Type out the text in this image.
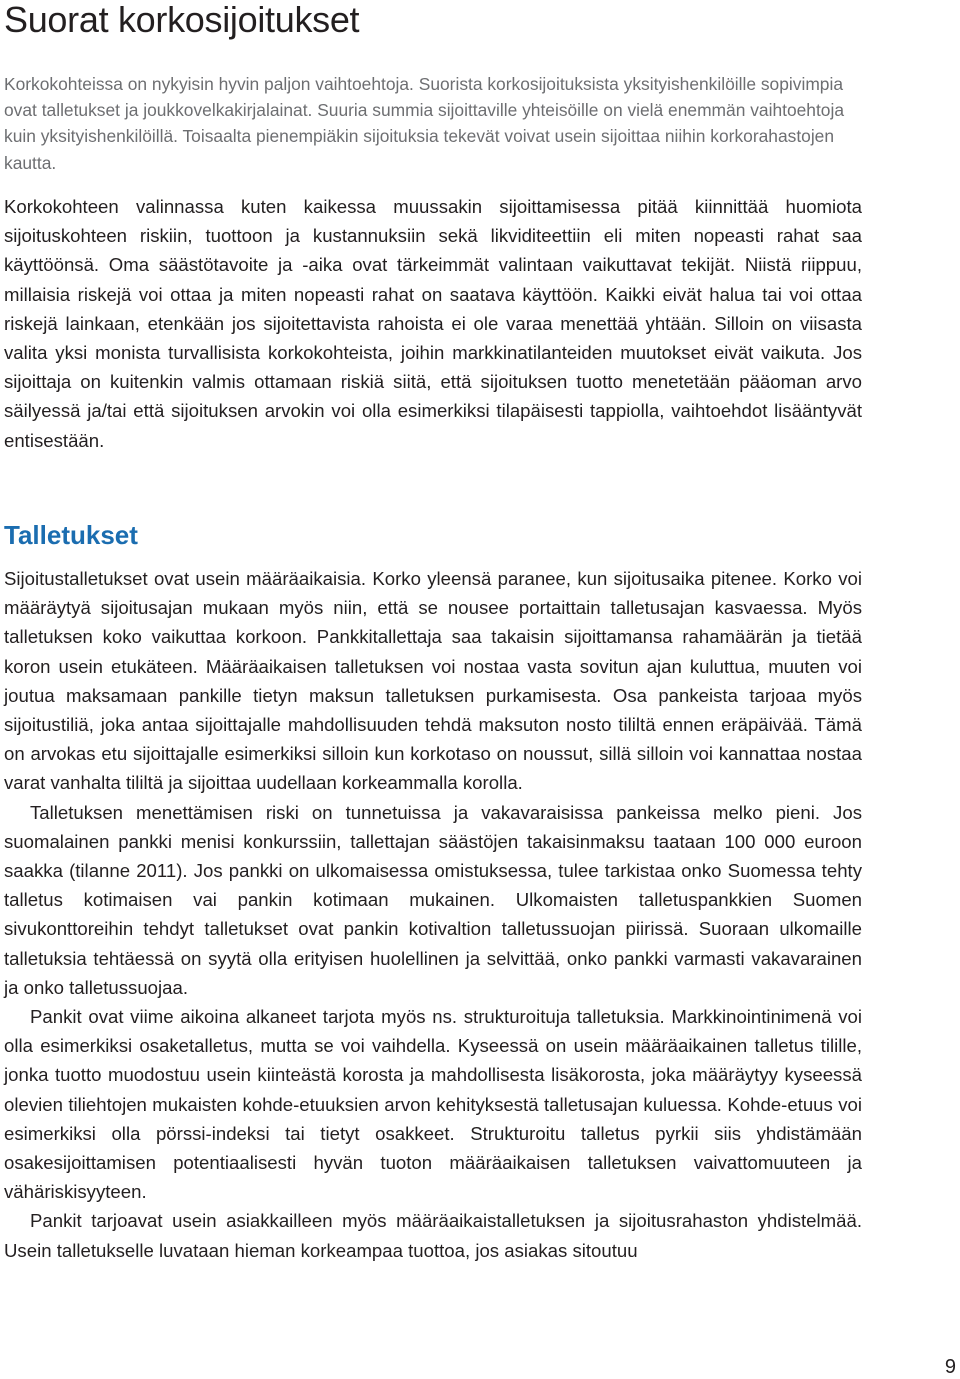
Suorat korkosijoitukset

Korkokohteissa on nykyisin hyvin paljon vaihtoehtoja. Suorista korkosijoituksista yksityishenkilöille sopivimpia ovat talletukset ja joukkovelkakirjalainat. Suuria summia sijoittaville yhteisöille on vielä enemmän vaihtoehtoja kuin yksityishenkilöillä. Toisaalta pienempiäkin sijoituksia tekevät voivat usein sijoittaa niihin korkorahastojen kautta.

Korkokohteen valinnassa kuten kaikessa muussakin sijoittamisessa pitää kiinnittää huomiota sijoituskohteen riskiin, tuottoon ja kustannuksiin sekä likviditeettiin eli miten nopeasti rahat saa käyttöönsä. Oma säästötavoite ja -aika ovat tärkeimmät valintaan vaikuttavat tekijät. Niistä riippuu, millaisia riskejä voi ottaa ja miten nopeasti rahat on saatava käyttöön. Kaikki eivät halua tai voi ottaa riskejä lainkaan, etenkään jos sijoitettavista rahoista ei ole varaa menettää yhtään. Silloin on viisasta valita yksi monista turvallisista korkokohteista, joihin markkinatilanteiden muutokset eivät vaikuta. Jos sijoittaja on kuitenkin valmis ottamaan riskiä siitä, että sijoituksen tuotto menetetään pääoman arvo säilyessä ja/tai että sijoituksen arvokin voi olla esimerkiksi tilapäisesti tappiolla, vaihtoehdot lisääntyvät entisestään.

Talletukset

Sijoitustalletukset ovat usein määräaikaisia. Korko yleensä paranee, kun sijoitusaika pitenee. Korko voi määräytyä sijoitusajan mukaan myös niin, että se nousee portaittain talletusajan kasvaessa. Myös talletuksen koko vaikuttaa korkoon. Pankkitallettaja saa takaisin sijoittamansa rahamäärän ja tietää koron usein etukäteen. Määräaikaisen talletuksen voi nostaa vasta sovitun ajan kuluttua, muuten voi joutua maksamaan pankille tietyn maksun talletuksen purkamisesta. Osa pankeista tarjoaa myös sijoitustiliä, joka antaa sijoittajalle mahdollisuuden tehdä maksuton nosto tililtä ennen eräpäivää. Tämä on arvokas etu sijoittajalle esimerkiksi silloin kun korkotaso on noussut, sillä silloin voi kannattaa nostaa varat vanhalta tililtä ja sijoittaa uudellaan korkeammalla korolla.

Talletuksen menettämisen riski on tunnetuissa ja vakavaraisissa pankeissa melko pieni. Jos suomalainen pankki menisi konkurssiin, tallettajan säästöjen takaisinmaksu taataan 100 000 euroon saakka (tilanne 2011). Jos pankki on ulkomaisessa omistuksessa, tulee tarkistaa onko Suomessa tehty talletus kotimaisen vai pankin kotimaan mukainen. Ulkomaisten talletuspankkien Suomen sivukonttoreihin tehdyt talletukset ovat pankin kotivaltion talletussuojan piirissä. Suoraan ulkomaille talletuksia tehtäessä on syytä olla erityisen huolellinen ja selvittää, onko pankki varmasti vakavarainen ja onko talletussuojaa.

Pankit ovat viime aikoina alkaneet tarjota myös ns. strukturoituja talletuksia. Markkinointinimenä voi olla esimerkiksi osaketalletus, mutta se voi vaihdella. Kyseessä on usein määräaikainen talletus tilille, jonka tuotto muodostuu usein kiinteästä korosta ja mahdollisesta lisäkorosta, joka määräytyy kyseessä olevien tiliehtojen mukaisten kohde-etuuksien arvon kehityksestä talletusajan kuluessa. Kohde-etuus voi esimerkiksi olla pörssi-indeksi tai tietyt osakkeet. Strukturoitu talletus pyrkii siis yhdistämään osakesijoittamisen potentiaalisesti hyvän tuoton määräaikaisen talletuksen vaivattomuuteen ja vähäriskisyyteen.

Pankit tarjoavat usein asiakkailleen myös määräaikaistalletuksen ja sijoitusrahaston yhdistelmää. Usein talletukselle luvataan hieman korkeampaa tuottoa, jos asiakas sitoutuu

9
